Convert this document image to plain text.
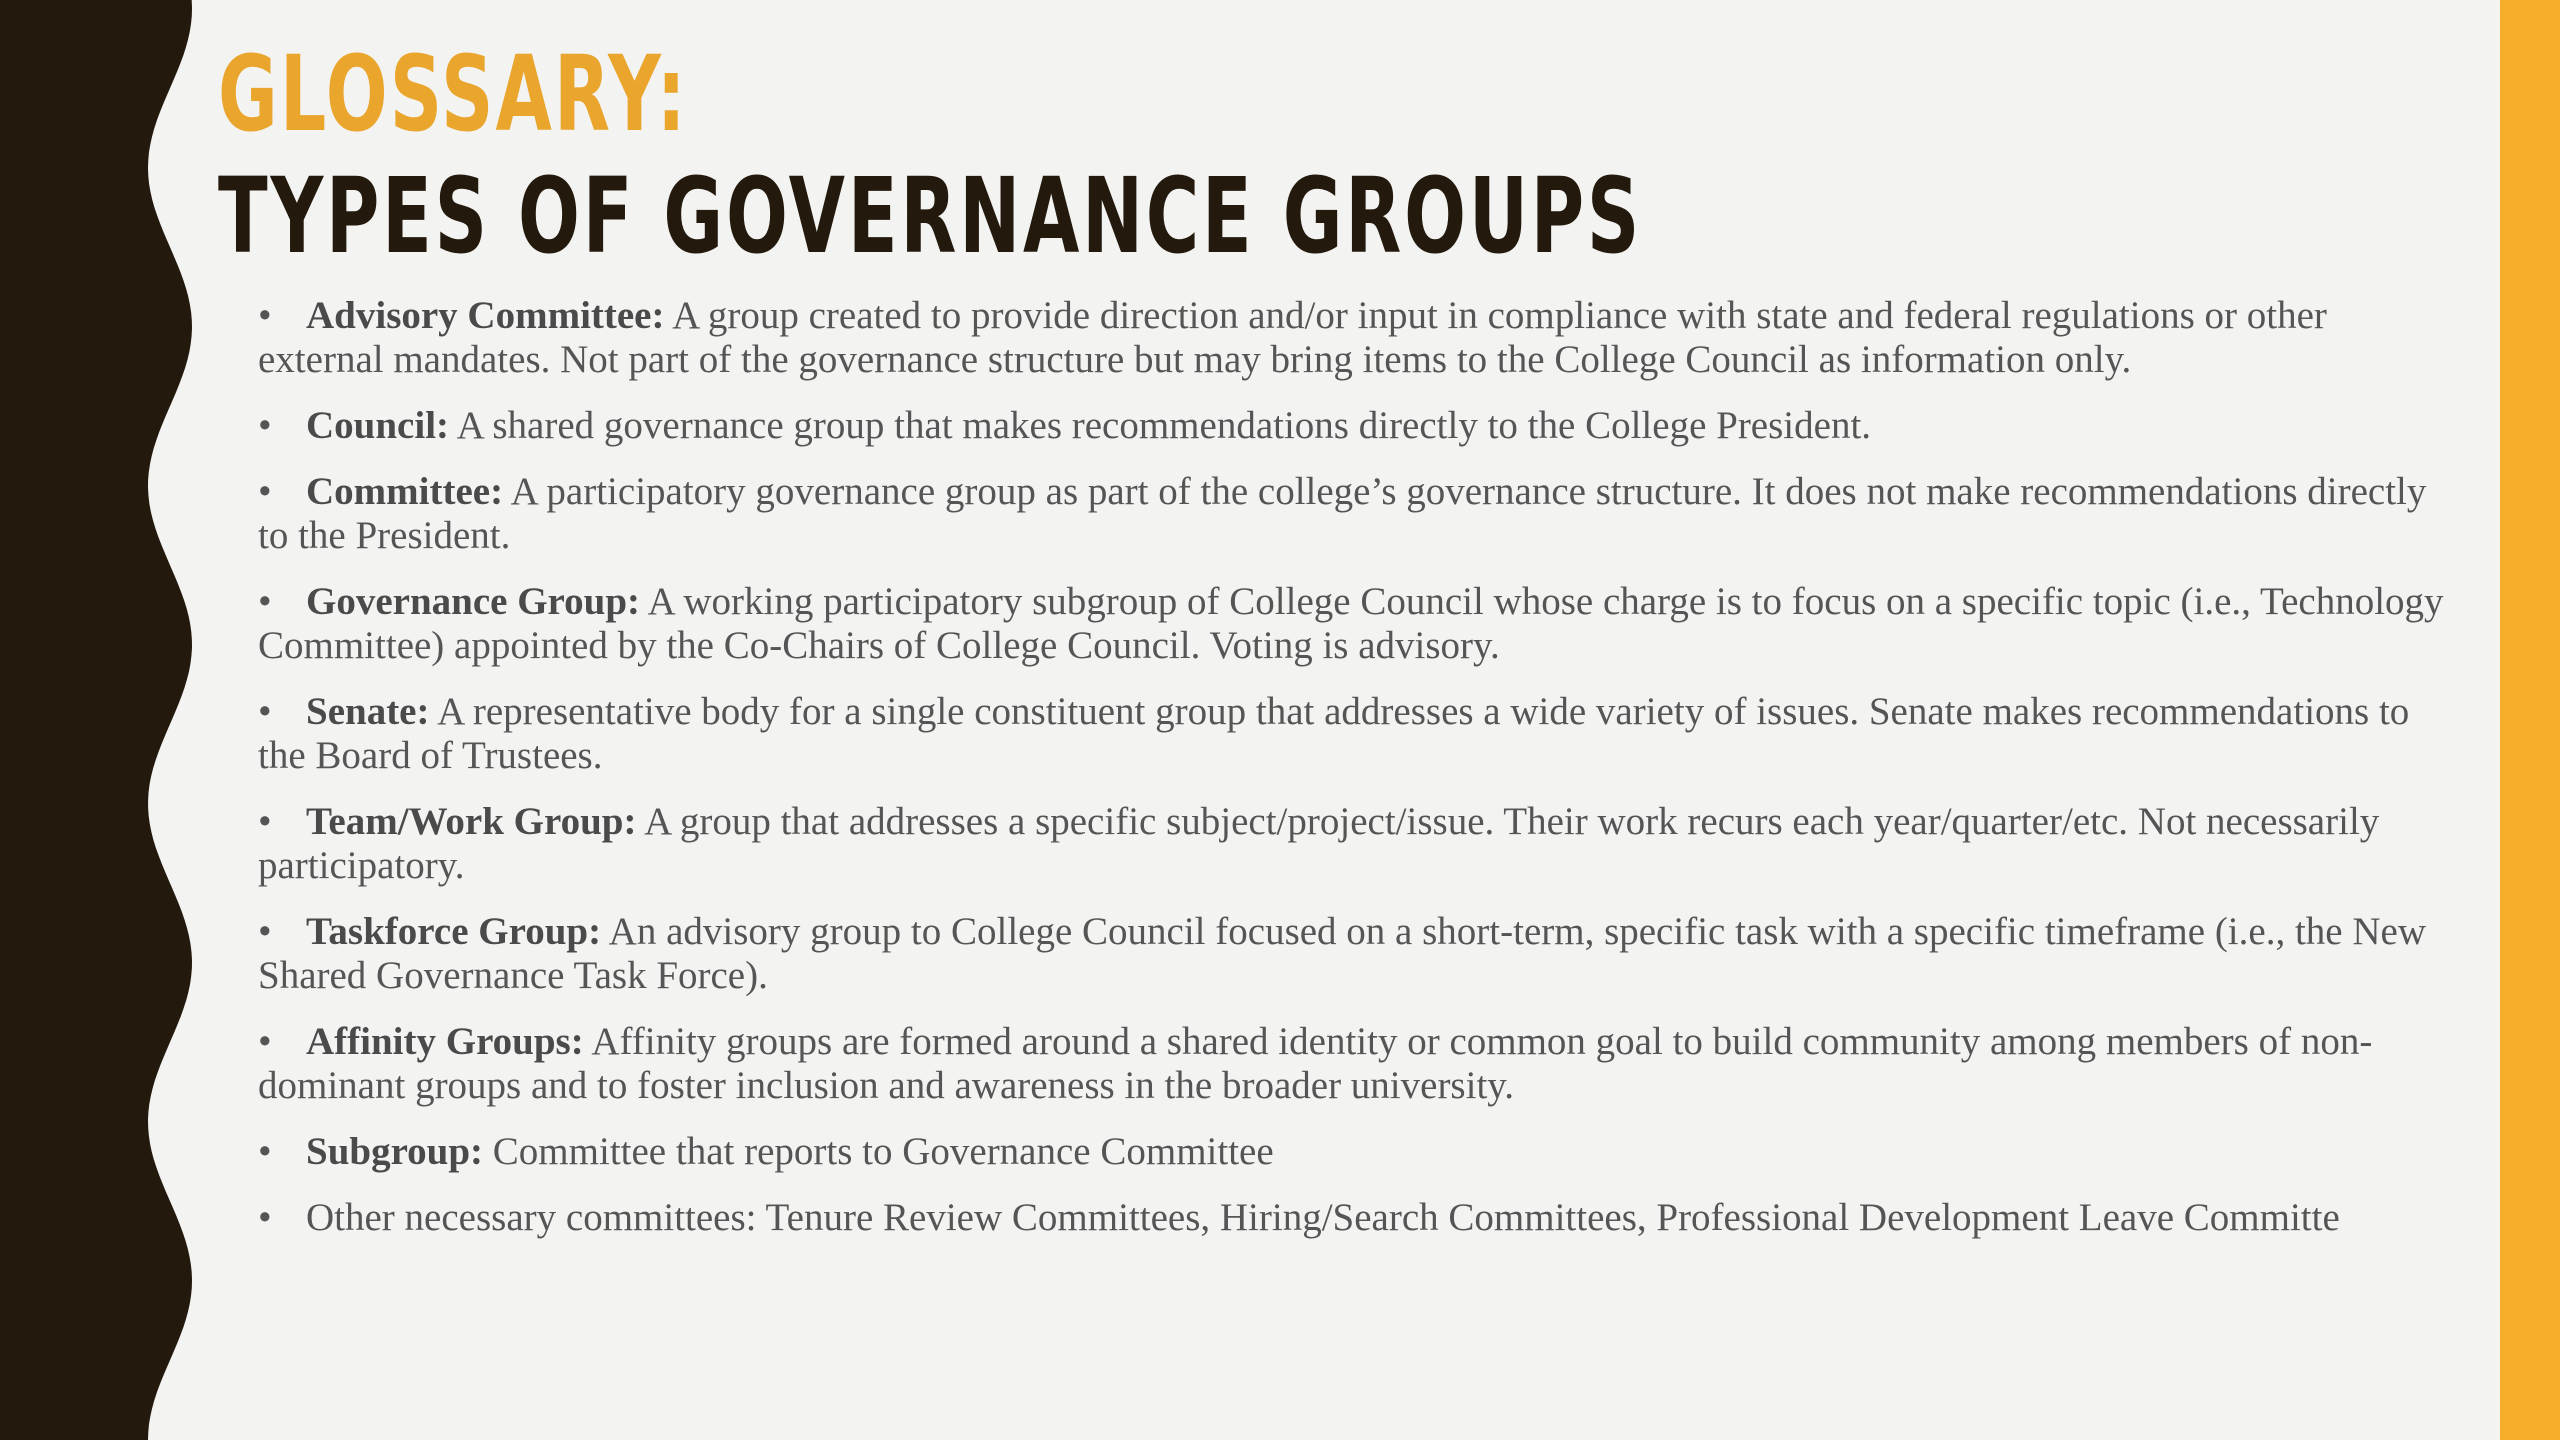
GLOSSARY:
TYPES OF GOVERNANCE GROUPS
• Advisory Committee: A group created to provide direction and/or input in compliance with state and federal regulations or other external mandates. Not part of the governance structure but may bring items to the College Council as information only.
• Council: A shared governance group that makes recommendations directly to the College President.
• Committee: A participatory governance group as part of the college’s governance structure. It does not make recommendations directly to the President.
• Governance Group: A working participatory subgroup of College Council whose charge is to focus on a specific topic (i.e., Technology Committee) appointed by the Co-Chairs of College Council. Voting is advisory.
• Senate: A representative body for a single constituent group that addresses a wide variety of issues. Senate makes recommendations to the Board of Trustees.
• Team/Work Group: A group that addresses a specific subject/project/issue. Their work recurs each year/quarter/etc. Not necessarily participatory.
• Taskforce Group: An advisory group to College Council focused on a short-term, specific task with a specific timeframe (i.e., the New Shared Governance Task Force).
• Affinity Groups: Affinity groups are formed around a shared identity or common goal to build community among members of non-dominant groups and to foster inclusion and awareness in the broader university.
• Subgroup: Committee that reports to Governance Committee
• Other necessary committees: Tenure Review Committees, Hiring/Search Committees, Professional Development Leave Committe
